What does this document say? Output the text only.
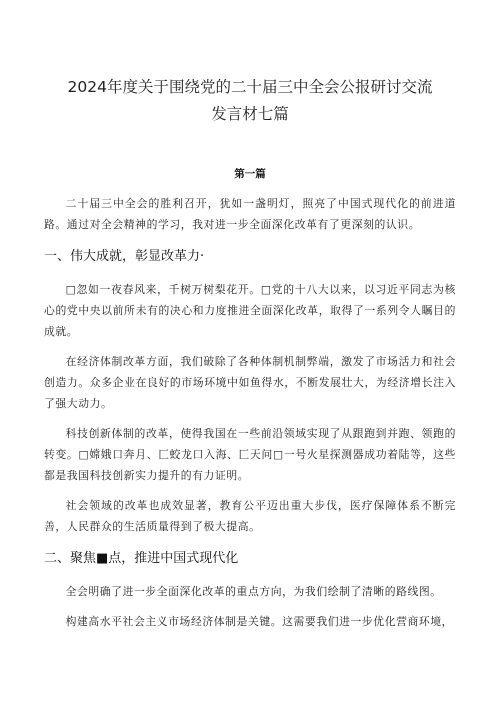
2024年度关于围绕党的二十届三中全会公报研讨交流
发言材七篇
第一篇

二十届三中全会的胜利召开，犹如一盏明灯，照亮了中国式现代化的前进道路。通过对全会精神的学习，我对进一步全面深化改革有了更深刻的认识。

一、伟大成就，彰显改革力·

□忽如一夜春风来，千树万树梨花开。□党的十八大以来，以习近平同志为核心的党中央以前所未有的决心和力度推进全面深化改革，取得了一系列令人瞩目的成就。

在经济体制改革方面，我们破除了各种体制机制弊端，激发了市场活力和社会创造力。众多企业在良好的市场环境中如鱼得水，不断发展壮大，为经济增长注入了强大动力。

科技创新体制的改革，使得我国在一些前沿领域实现了从跟跑到并跑、领跑的转变。□嫦娥口奔月、匚蛟龙口入海、匚天问□一号火星探测器成功着陆等，这些都是我国科技创新实力提升的有力证明。

社会领域的改革也成效显著，教育公平迈出重大步伐，医疗保障体系不断完善，人民群众的生活质量得到了极大提高。

二、聚焦■点，推进中国式现代化

全会明确了进一步全面深化改革的重点方向，为我们绘制了清晰的路线图。

构建高水平社会主义市场经济体制是关键。这需要我们进一步优化营商环境，
